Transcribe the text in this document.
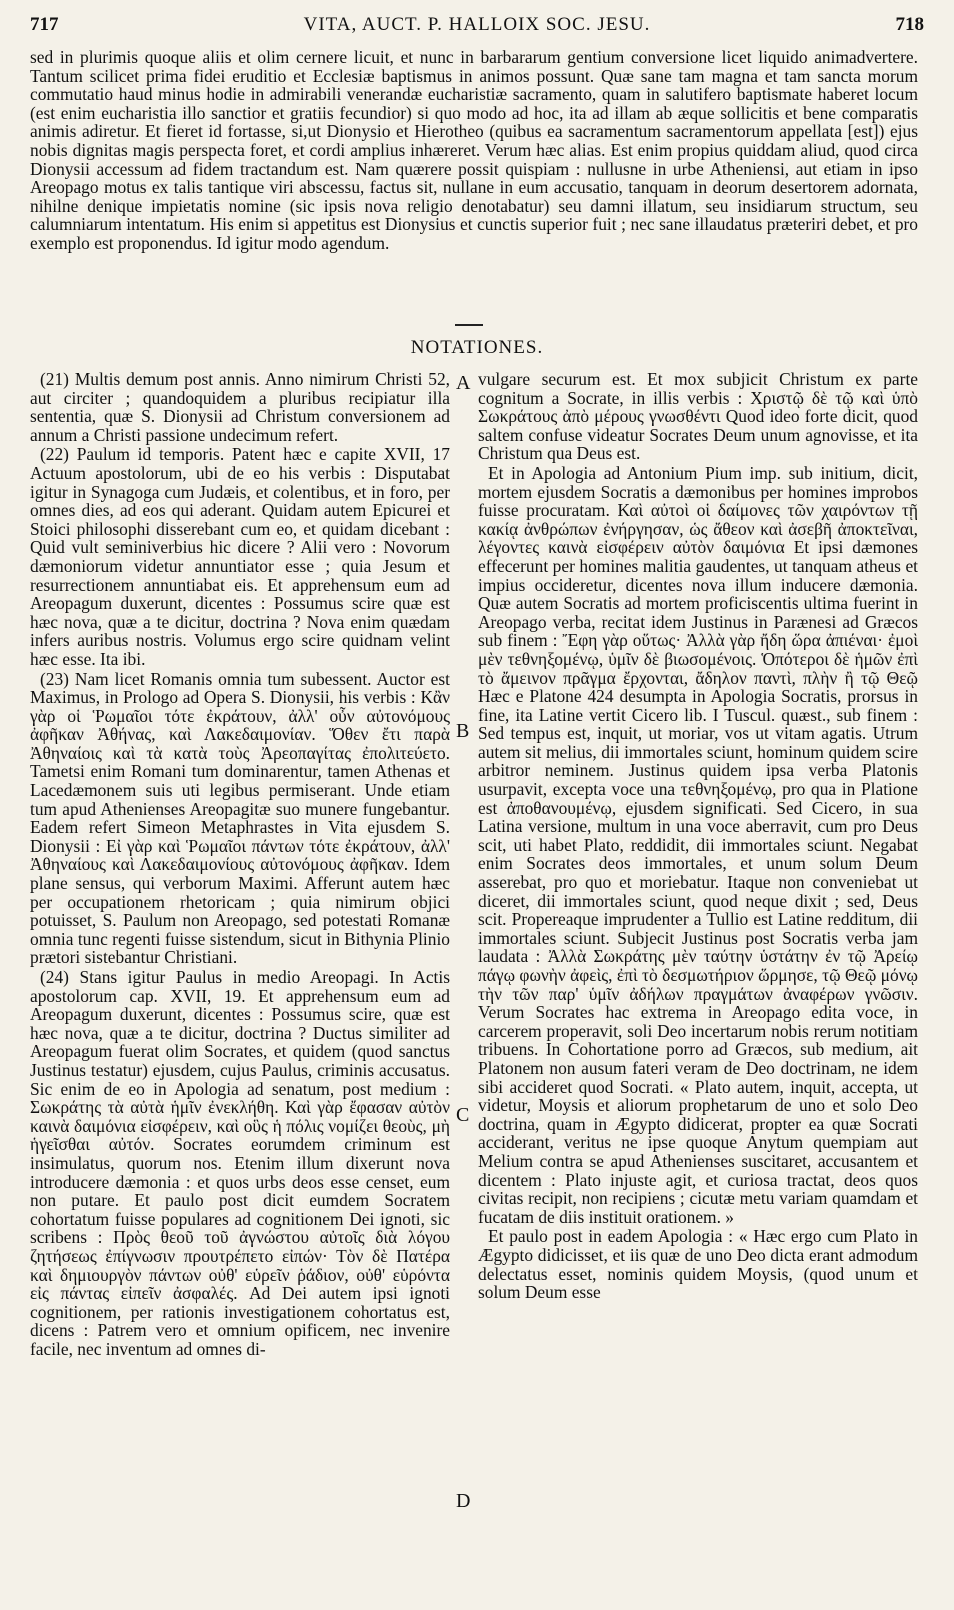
717	VITA, AUCT. P. HALLOIX SOC. JESU.	718

sed in plurimis quoque aliis et olim cernere licuit, et nunc in barbararum gentium conversione licet liquido animadvertere. Tantum scilicet prima fidei eruditio et Ecclesiæ baptismus in animos possunt. Quæ sane tam magna et tam sancta morum commutatio haud minus hodie in admirabili venerandæ eucharistiæ sacramento, quam in salutifero baptismate haberet locum (est enim eucharistia illo sanctior et gratiis fecundior) si quo modo ad hoc, ita ad illam ab æque sollicitis et bene comparatis animis adiretur. Et fieret id fortasse, si,ut Dionysio et Hierotheo (quibus ea sacramentum sacramentorum appellata [est]) ejus nobis dignitas magis perspecta foret, et cordi amplius inhæreret. Verum hæc alias. Est enim propius quiddam aliud, quod circa Dionysii accessum ad fidem tractandum est. Nam quærere possit quispiam : nullusne in urbe Atheniensi, aut etiam in ipso Areopago motus ex talis tantique viri abscessu, factus sit, nullane in eum accusatio, tanquam in deorum desertorem adornata, nihilne denique impietatis nomine (sic ipsis nova religio denotabatur) seu damni illatum, seu insidiarum structum, seu calumniarum intentatum. His enim si appetitus est Dionysius et cunctis superior fuit ; nec sane illaudatus præteriri debet, et pro exemplo est proponendus. Id igitur modo agendum.

NOTATIONES.
A
B
C
D

(21) Multis demum post annis. Anno nimirum Christi 52, aut circiter ; quandoquidem a pluribus recipiatur illa sententia, quæ S. Dionysii ad Christum conversionem ad annum a Christi passione undecimum refert.

(22) Paulum id temporis. Patent hæc e capite XVII, 17 Actuum apostolorum, ubi de eo his verbis : Disputabat igitur in Synagoga cum Judæis, et colentibus, et in foro, per omnes dies, ad eos qui aderant. Quidam autem Epicurei et Stoici philosophi disserebant cum eo, et quidam dicebant : Quid vult seminiverbius hic dicere ? Alii vero : Novorum dæmoniorum videtur annuntiator esse ; quia Jesum et resurrectionem annuntiabat eis. Et apprehensum eum ad Areopagum duxerunt, dicentes : Possumus scire quæ est hæc nova, quæ a te dicitur, doctrina ? Nova enim quædam infers auribus nostris. Volumus ergo scire quidnam velint hæc esse. Ita ibi.

(23) Nam licet Romanis omnia tum subessent. Auctor est Maximus, in Prologo ad Opera S. Dionysii, his verbis : Κἂν γὰρ οἱ Ῥωμαῖοι τότε ἐκράτουν, ἀλλ' οὖν αὐτονόμους ἀφῆκαν Ἀθήνας, καὶ Λακεδαιμονίαν. Ὅθεν ἔτι παρὰ Ἀθηναίοις καὶ τὰ κατὰ τοὺς Ἀρεοπαγίτας ἐπολιτεύετο. Tametsi enim Romani tum dominarentur, tamen Athenas et Lacedæmonem suis uti legibus permiserant. Unde etiam tum apud Athenienses Areopagitæ suo munere fungebantur. Eadem refert Simeon Metaphrastes in Vita ejusdem S. Dionysii : Εἰ γὰρ καὶ Ῥωμαῖοι πάντων τότε ἐκράτουν, ἀλλ' Ἀθηναίους καὶ Λακεδαιμονίους αὐτονόμους ἀφῆκαν. Idem plane sensus, qui verborum Maximi. Afferunt autem hæc per occupationem rhetoricam ; quia nimirum objici potuisset, S. Paulum non Areopago, sed potestati Romanæ omnia tunc regenti fuisse sistendum, sicut in Bithynia Plinio prætori sistebantur Christiani.

(24) Stans igitur Paulus in medio Areopagi. In Actis apostolorum cap. XVII, 19. Et apprehensum eum ad Areopagum duxerunt, dicentes : Possumus scire, quæ est hæc nova, quæ a te dicitur, doctrina ? Ductus similiter ad Areopagum fuerat olim Socrates, et quidem (quod sanctus Justinus testatur) ejusdem, cujus Paulus, criminis accusatus. Sic enim de eo in Apologia ad senatum, post medium : Σωκράτης τὰ αὐτὰ ἡμῖν ἐνεκλήθη. Καὶ γὰρ ἔφασαν αὐτὸν καινὰ δαιμόνια εἰσφέρειν, καὶ οὓς ἡ πόλις νομίζει θεοὺς, μὴ ἡγεῖσθαι αὐτόν. Socrates eorumdem criminum est insimulatus, quorum nos. Etenim illum dixerunt nova introducere dæmonia : et quos urbs deos esse censet, eum non putare. Et paulo post dicit eumdem Socratem cohortatum fuisse populares ad cognitionem Dei ignoti, sic scribens : Πρὸς θεοῦ τοῦ ἀγνώστου αὐτοῖς διὰ λόγου ζητήσεως ἐπίγνωσιν προυτρέπετο εἰπών· Τὸν δὲ Πατέρα καὶ δημιουργὸν πάντων οὐθ' εὑρεῖν ῥάδιον, οὐθ' εὑρόντα εἰς πάντας εἰπεῖν ἀσφαλές. Ad Dei autem ipsi ignoti cognitionem, per rationis investigationem cohortatus est, dicens : Patrem vero et omnium opificem, nec invenire facile, nec inventum ad omnes di-

vulgare securum est. Et mox subjicit Christum ex parte cognitum a Socrate, in illis verbis : Χριστῷ δὲ τῷ καὶ ὑπὸ Σωκράτους ἀπὸ μέρους γνωσθέντι Quod ideo forte dicit, quod saltem confuse videatur Socrates Deum unum agnovisse, et ita Christum qua Deus est.

Et in Apologia ad Antonium Pium imp. sub initium, dicit, mortem ejusdem Socratis a dæmonibus per homines improbos fuisse procuratam. Καὶ αὐτοὶ οἱ δαίμονες τῶν χαιρόντων τῇ κακίᾳ ἀνθρώπων ἐνήργησαν, ὡς ἄθεον καὶ ἀσεβῆ ἀποκτεῖναι, λέγοντες καινὰ εἰσφέρειν αὐτὸν δαιμόνια Et ipsi dæmones effecerunt per homines malitia gaudentes, ut tanquam atheus et impius occideretur, dicentes nova illum inducere dæmonia. Quæ autem Socratis ad mortem proficiscentis ultima fuerint in Areopago verba, recitat idem Justinus in Parænesi ad Græcos sub finem : Ἔφη γὰρ οὕτως· Ἀλλὰ γὰρ ἤδη ὥρα ἀπιέναι· ἐμοὶ μὲν τεθνηξομένῳ, ὑμῖν δὲ βιωσομένοις. Ὁπότεροι δὲ ἡμῶν ἐπὶ τὸ ἄμεινον πρᾶγμα ἔρχονται, ἄδηλον παντὶ, πλὴν ἢ τῷ Θεῷ Hæc e Platone 424 desumpta in Apologia Socratis, prorsus in fine, ita Latine vertit Cicero lib. I Tuscul. quæst., sub finem : Sed tempus est, inquit, ut moriar, vos ut vitam agatis. Utrum autem sit melius, dii immortales sciunt, hominum quidem scire arbitror neminem. Justinus quidem ipsa verba Platonis usurpavit, excepta voce una τεθνηξομένῳ, pro qua in Platione est ἀποθανουμένῳ, ejusdem significati. Sed Cicero, in sua Latina versione, multum in una voce aberravit, cum pro Deus scit, uti habet Plato, reddidit, dii immortales sciunt. Negabat enim Socrates deos immortales, et unum solum Deum asserebat, pro quo et moriebatur. Itaque non conveniebat ut diceret, dii immortales sciunt, quod neque dixit ; sed, Deus scit. Propereaque imprudenter a Tullio est Latine redditum, dii immortales sciunt. Subjecit Justinus post Socratis verba jam laudata : Ἀλλὰ Σωκράτης μὲν ταύτην ὑστάτην ἐν τῷ Ἀρείῳ πάγῳ φωνὴν ἀφεὶς, ἐπὶ τὸ δεσμωτήριον ὥρμησε, τῷ Θεῷ μόνῳ τὴν τῶν παρ' ὑμῖν ἀδήλων πραγμάτων ἀναφέρων γνῶσιν. Verum Socrates hac extrema in Areopago edita voce, in carcerem properavit, soli Deo incertarum nobis rerum notitiam tribuens. In Cohortatione porro ad Græcos, sub medium, ait Platonem non ausum fateri veram de Deo doctrinam, ne idem sibi accideret quod Socrati. « Plato autem, inquit, accepta, ut videtur, Moysis et aliorum prophetarum de uno et solo Deo doctrina, quam in Ægypto didicerat, propter ea quæ Socrati acciderant, veritus ne ipse quoque Anytum quempiam aut Melium contra se apud Athenienses suscitaret, accusantem et dicentem : Plato injuste agit, et curiosa tractat, deos quos civitas recipit, non recipiens ; cicutæ metu variam quamdam et fucatam de diis instituit orationem. »

Et paulo post in eadem Apologia : « Hæc ergo cum Plato in Ægypto didicisset, et iis quæ de uno Deo dicta erant admodum delectatus esset, nominis quidem Moysis, (quod unum et solum Deum esse
